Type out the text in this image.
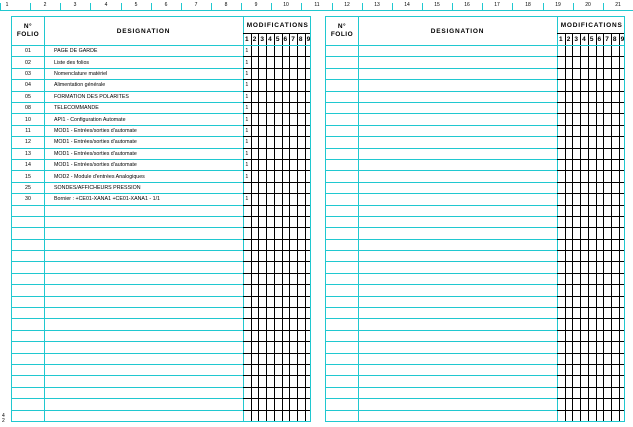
1	2	3	4	5	6	7	8	9	10	11	12	13	14	15	16	17	18	19	20	21
N°
FOLIO	DESIGNATION
MODIFICATIONS
1 2 3 4 5 6 7 8 9
01	PAGE DE GARDE	1
02	Liste des folios	1
03	Nomenclature matériel	1
04	Alimentation générale	1
05	FORMATION DES POLARITES	1
08	TELECOMMANDE	1
10	API1 - Configuration Automate	1
11	MOD1 - Entrées/sorties d'automate	1
12	MOD1 - Entrées/sorties d'automate	1
13	MOD1 - Entrées/sorties d'automate	1
14	MOD1 - Entrées/sorties d'automate	1
15	MOD2 - Module d'entrées Analogiques	1
25	SONDES/AFFICHEURS PRESSION
30	Bornier : +CE01-XANA1 +CE01-XANA1 - 1/1	1
N°
FOLIO	DESIGNATION
MODIFICATIONS
1 2 3 4 5 6 7 8 9
4
2
